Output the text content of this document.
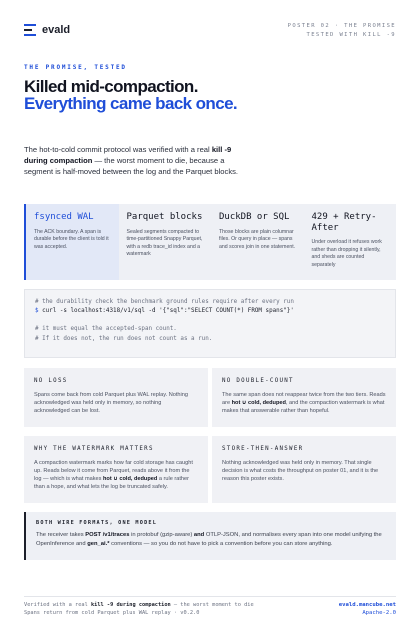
evald	POSTER 02 · THE PROMISE
TESTED WITH KILL -9
THE PROMISE, TESTED
Killed mid-compaction.
Everything came back once.

The hot-to-cold commit protocol was verified with a real kill -9 during compaction — the worst moment to die, because a segment is half-moved between the log and the Parquet blocks.

fsynced WAL
The ACK boundary. A span is durable before the client is told it was accepted.
Parquet blocks
Sealed segments compacted to time-partitioned Snappy Parquet, with a redb trace_id index and a watermark
DuckDB or SQL
Those blocks are plain columnar files. Or query in place — spans and scores join in one statement.
429 + Retry-After
Under overload it refuses work rather than dropping it silently, and sheds are counted separately
# the durability check the benchmark ground rules require after every run
$ curl -s localhost:4318/v1/sql -d '{"sql":"SELECT COUNT(*) FROM spans"}'
# it must equal the accepted-span count.
# If it does not, the run does not count as a run.
NO LOSS
Spans come back from cold Parquet plus WAL replay. Nothing acknowledged was held only in memory, so nothing acknowledged can be lost.
NO DOUBLE-COUNT
The same span does not reappear twice from the two tiers. Reads are hot ∪ cold, deduped, and the compaction watermark is what makes that answerable rather than hopeful.
WHY THE WATERMARK MATTERS
A compaction watermark marks how far cold storage has caught up. Reads below it come from Parquet, reads above it from the log — which is what makes hot ∪ cold, deduped a rule rather than a hope, and what lets the log be truncated safely.
STORE-THEN-ANSWER
Nothing acknowledged was held only in memory. That single decision is what costs the throughput on poster 01, and it is the reason this poster exists.
BOTH WIRE FORMATS, ONE MODEL
The receiver takes POST /v1/traces in protobuf (gzip-aware) and OTLP-JSON, and normalises every span into one model unifying the OpenInference and gen_ai.* conventions — so you do not have to pick a convention before you can store anything.
Verified with a real kill -9 during compaction — the worst moment to die
Spans return from cold Parquet plus WAL replay · v0.2.0
evald.mancube.net
Apache-2.0
